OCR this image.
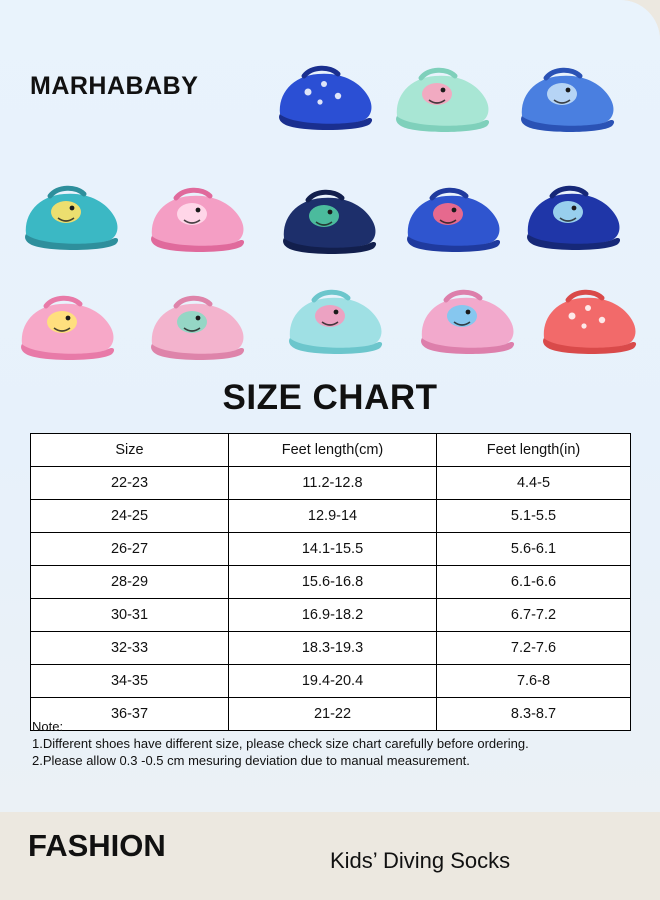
MARHABABY
SIZE CHART
Size	Feet length(cm)	Feet length(in)
22-23	11.2-12.8	4.4-5
24-25	12.9-14	5.1-5.5
26-27	14.1-15.5	5.6-6.1
28-29	15.6-16.8	6.1-6.6
30-31	16.9-18.2	6.7-7.2
32-33	18.3-19.3	7.2-7.6
34-35	19.4-20.4	7.6-8
36-37	21-22	8.3-8.7
Note:
1.Different shoes have different size, please check size chart carefully before ordering.
2.Please allow 0.3 -0.5 cm mesuring deviation due to manual measurement.
FASHION	Kids’ Diving Socks
